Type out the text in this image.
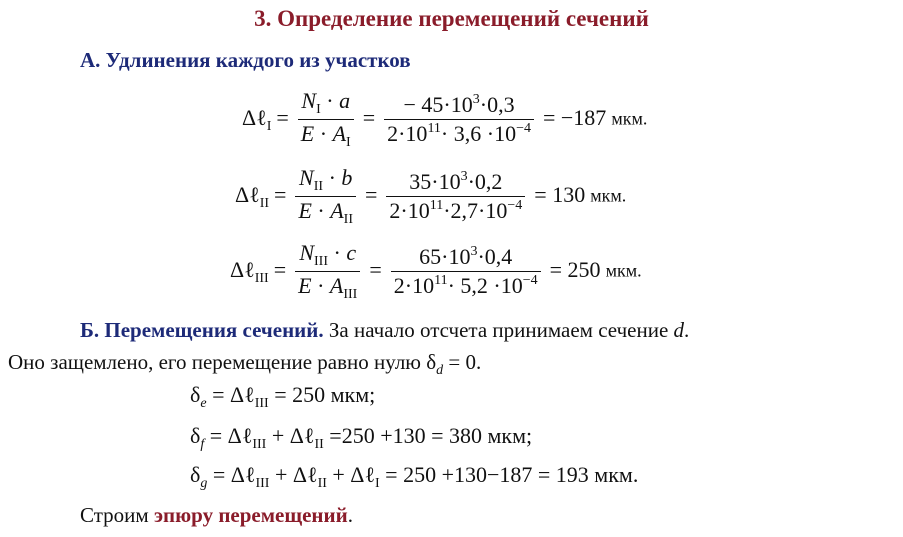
3. Определение перемещений сечений
А. Удлинения каждого из участков
Δℓ$_I$ = $\frac{N_I \cdot a}{E \cdot A_I} = \frac{- 45\cdot 10^3\cdot 0,3}{2\cdot 10^{11}\cdot 3,6 \cdot 10^{-4}} = -187$ мкм.
Δℓ$_{II}$ = $\frac{N_{II} \cdot b}{E \cdot A_{II}} = \frac{35\cdot 10^3\cdot 0,2}{2\cdot 10^{11}\cdot 2,7\cdot 10^{-4}} = 130$ мкм.
Δℓ$_{III}$ = $\frac{N_{III} \cdot c}{E \cdot A_{III}} = \frac{65\cdot 10^3\cdot 0,4}{2\cdot 10^{11}\cdot 5,2 \cdot 10^{-4}} = 250$ мкм.
Б. Перемещения сечений. За начало отсчета принимаем сечение d.
Оно защемлено, его перемещение равно нулю $\delta_d = 0$.
$\delta_e$ = Δℓ$_{III}$ = 250 мкм;
$\delta_f$ = Δℓ$_{III}$ + Δℓ$_{II}$ =250 +130 = 380 мкм;
$\delta_g$ = Δℓ$_{III}$ + Δℓ$_{II}$ + Δℓ$_I$ = 250 +130−187 = 193 мкм.
Строим эпюру перемещений.
